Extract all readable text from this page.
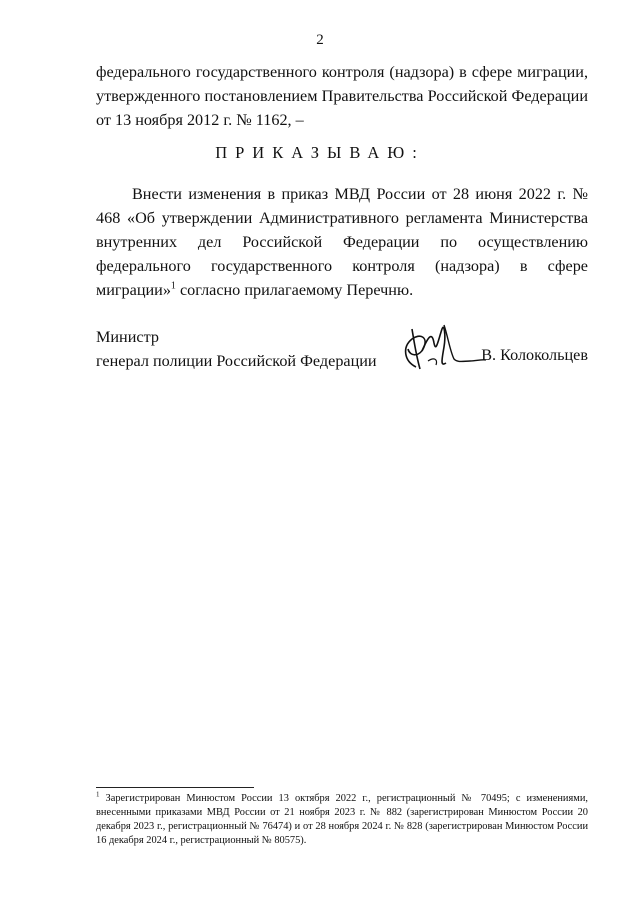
2
федерального государственного контроля (надзора) в сфере миграции, утвержденного постановлением Правительства Российской Федерации от 13 ноября 2012 г. № 1162, –
ПРИКАЗЫВАЮ:
Внести изменения в приказ МВД России от 28 июня 2022 г. № 468 «Об утверждении Административного регламента Министерства внутренних дел Российской Федерации по осуществлению федерального государственного контроля (надзора) в сфере миграции»$^1$ согласно прилагаемому Перечню.
Министр
генерал полиции Российской Федерации	В. Колокольцев
$^1$ Зарегистрирован Минюстом России 13 октября 2022 г., регистрационный № 70495; с изменениями, внесенными приказами МВД России от 21 ноября 2023 г. № 882 (зарегистрирован Минюстом России 20 декабря 2023 г., регистрационный № 76474) и от 28 ноября 2024 г. № 828 (зарегистрирован Минюстом России 16 декабря 2024 г., регистрационный № 80575).
